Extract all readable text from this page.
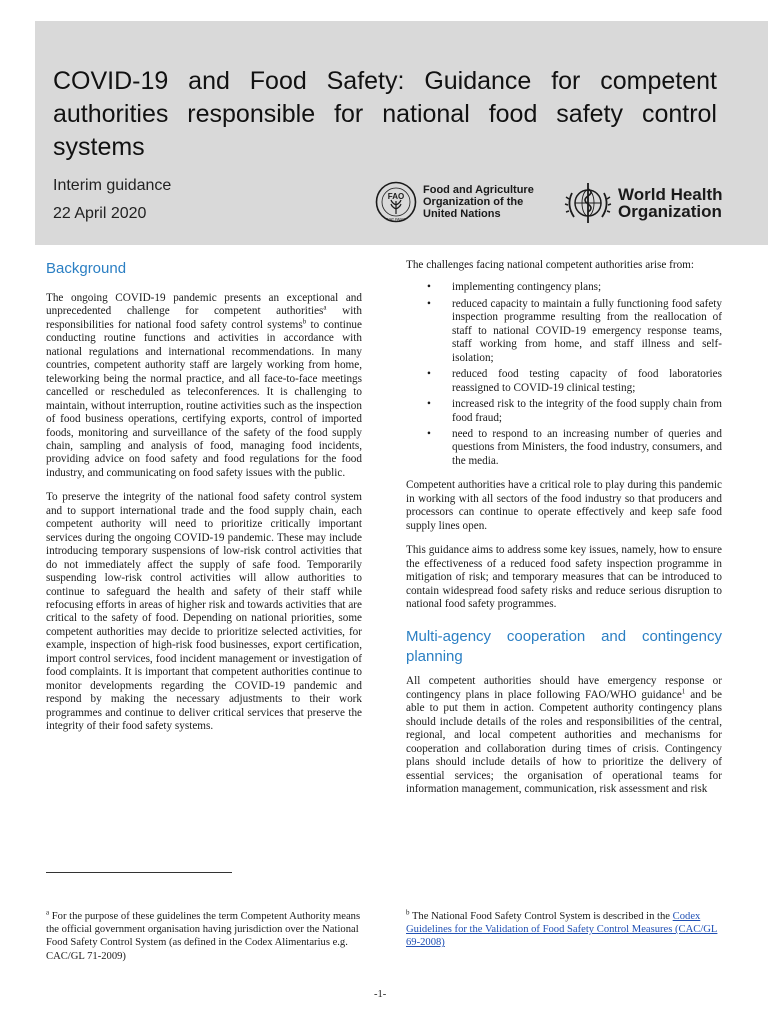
COVID-19 and Food Safety: Guidance for competent authorities responsible for national food safety control systems
Interim guidance
22 April 2020
FAO
FIAT PANIS
Food and Agriculture
Organization of the
United Nations
World Health
Organization
Background

The ongoing COVID-19 pandemic presents an exceptional and unprecedented challenge for competent authorities$^a$ with responsibilities for national food safety control systems$^b$ to continue conducting routine functions and activities in accordance with national regulations and international recommendations. In many countries, competent authority staff are largely working from home, teleworking being the normal practice, and all face-to-face meetings cancelled or rescheduled as teleconferences. It is challenging to maintain, without interruption, routine activities such as the inspection of food business operations, certifying exports, control of imported foods, monitoring and surveillance of the safety of the food supply chain, sampling and analysis of food, managing food incidents, providing advice on food safety and food regulations for the food industry, and communicating on food safety issues with the public.

To preserve the integrity of the national food safety control system and to support international trade and the food supply chain, each competent authority will need to prioritize critically important services during the ongoing COVID-19 pandemic. These may include introducing temporary suspensions of low-risk control activities that do not immediately affect the supply of safe food. Temporarily suspending low-risk control activities will allow authorities to continue to safeguard the health and safety of their staff while refocusing efforts in areas of higher risk and towards activities that are critical to the safety of food. Depending on national priorities, some competent authorities may decide to prioritize selected activities, for example, inspection of high-risk food businesses, export certification, import control services, food incident management or investigation of food complaints. It is important that competent authorities continue to monitor developments regarding the COVID-19 pandemic and respond by making the necessary adjustments to their work programmes and continue to deliver critical services that preserve the integrity of their food safety systems.

The challenges facing national competent authorities arise from:

• implementing contingency plans;
• reduced capacity to maintain a fully functioning food safety inspection programme resulting from the reallocation of staff to national COVID-19 emergency response teams, staff working from home, and staff illness and self-isolation;
• reduced food testing capacity of food laboratories reassigned to COVID-19 clinical testing;
• increased risk to the integrity of the food supply chain from food fraud;
• need to respond to an increasing number of queries and questions from Ministers, the food industry, consumers, and the media.

Competent authorities have a critical role to play during this pandemic in working with all sectors of the food industry so that producers and processors can continue to operate effectively and keep safe food supply lines open.

This guidance aims to address some key issues, namely, how to ensure the effectiveness of a reduced food safety inspection programme in mitigation of risk; and temporary measures that can be introduced to contain widespread food safety risks and reduce serious disruption to national food safety programmes.

Multi-agency cooperation and contingency planning

All competent authorities should have emergency response or contingency plans in place following FAO/WHO guidance$^1$ and be able to put them in action. Competent authority contingency plans should include details of the roles and responsibilities of the central, regional, and local competent authorities and mechanisms for cooperation and collaboration during times of crisis. Contingency plans should include details of how to prioritize the delivery of essential services; the organisation of operational teams for information management, communication, risk assessment and risk

$^a$ For the purpose of these guidelines the term Competent Authority means the official government organisation having jurisdiction over the National Food Safety Control System (as defined in the Codex Alimentarius e.g. CAC/GL 71-2009)
$^b$ The National Food Safety Control System is described in the Codex Guidelines for the Validation of Food Safety Control Measures (CAC/GL 69-2008)
-1-
